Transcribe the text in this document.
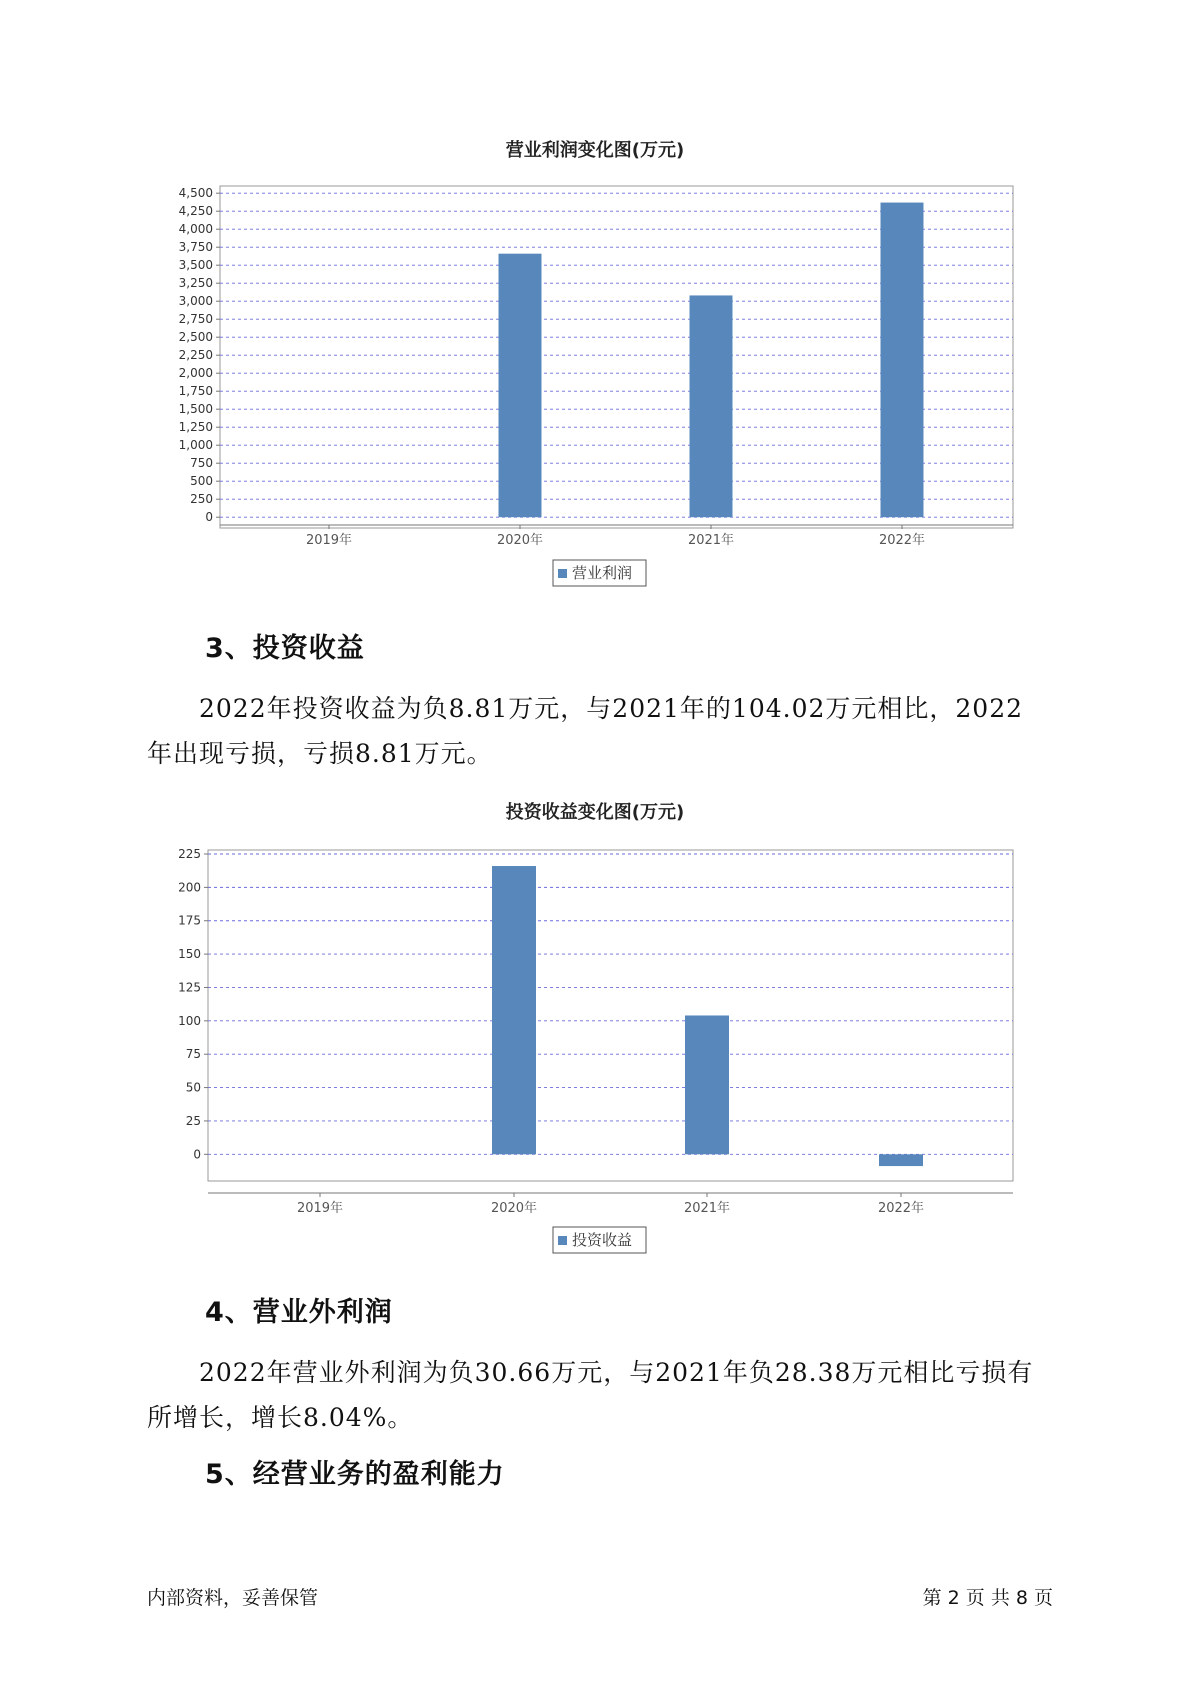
营业利润变化图(万元)
0
250
500
750
1,000
1,250
1,500
1,750
2,000
2,250
2,500
2,750
3,000
3,250
3,500
3,750
4,000
4,250
4,500
2019年	2020年	2021年	2022年
营业利润
投资收益变化图(万元)
0
25
50
75
100
125
150
175
200
225
2019年	2020年	2021年	2022年
投资收益
3、投资收益

2022年投资收益为负8.81万元，与2021年的104.02万元相比，2022年出现亏损，亏损8.81万元。

4、营业外利润

2022年营业外利润为负30.66万元，与2021年负28.38万元相比亏损有所增长，增长8.04%。

5、经营业务的盈利能力
内部资料，妥善保管	第 2 页 共 8 页
